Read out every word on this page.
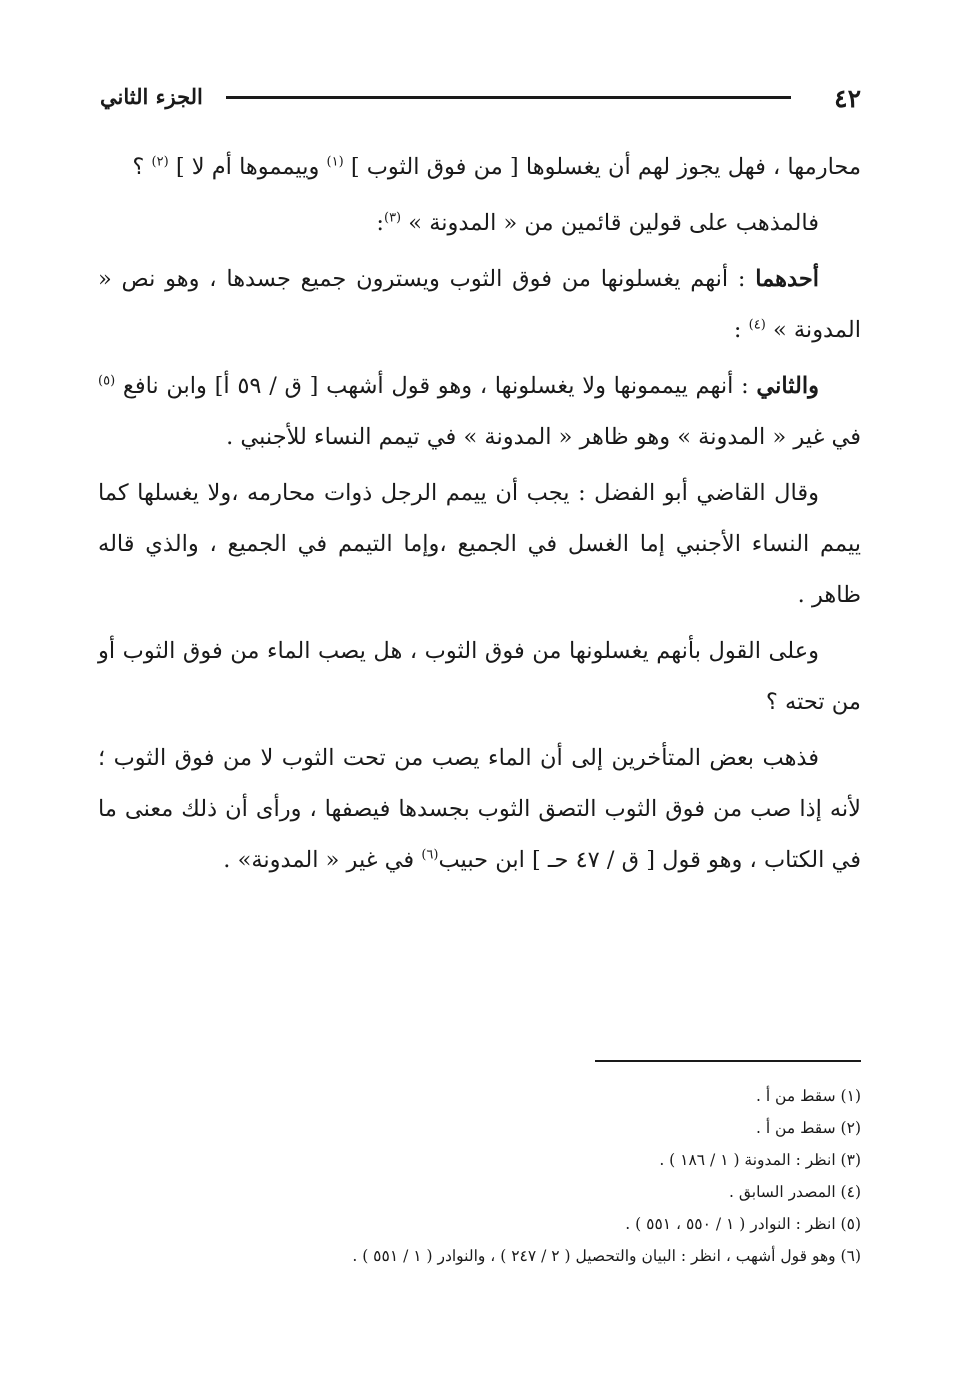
٤٢
الجزء الثاني

محارمها ، فهل يجوز لهم أن يغسلوها [ من فوق الثوب ] $^{(١)}$ وييمموها أم لا ] $^{(٢)}$ ؟

فالمذهب على قولين قائمين من « المدونة » $^{(٣)}$:

أحدهما : أنهم يغسلونها من فوق الثوب ويسترون جميع جسدها ، وهو نص « المدونة » $^{(٤)}$ :

والثاني : أنهم ييممونها ولا يغسلونها ، وهو قول أشهب [ ق / ٥٩ أ] وابن نافع $^{(٥)}$ في غير « المدونة » وهو ظاهر « المدونة » في تيمم النساء للأجنبي .

وقال القاضي أبو الفضل : يجب أن ييمم الرجل ذوات محارمه ،ولا يغسلها كما ييمم النساء الأجنبي إما الغسل في الجميع ،وإما التيمم في الجميع ، والذي قاله ظاهر .

وعلى القول بأنهم يغسلونها من فوق الثوب ، هل يصب الماء من فوق الثوب أو من تحته ؟

فذهب بعض المتأخرين إلى أن الماء يصب من تحت الثوب لا من فوق الثوب ؛ لأنه إذا صب من فوق الثوب التصق الثوب بجسدها فيصفها ، ورأى أن ذلك معنى ما في الكتاب ، وهو قول [ ق / ٤٧ حـ ] ابن حبيب$^{(٦)}$ في غير « المدونة» .

(١) سقط من أ .

(٢) سقط من أ .

(٣) انظر : المدونة ( ١ / ١٨٦ ) .

(٤) المصدر السابق .

(٥) انظر : النوادر ( ١ / ٥٥٠ ، ٥٥١ ) .

(٦) وهو قول أشهب ، انظر : البيان والتحصيل ( ٢ / ٢٤٧ ) ، والنوادر ( ١ / ٥٥١ ) .
